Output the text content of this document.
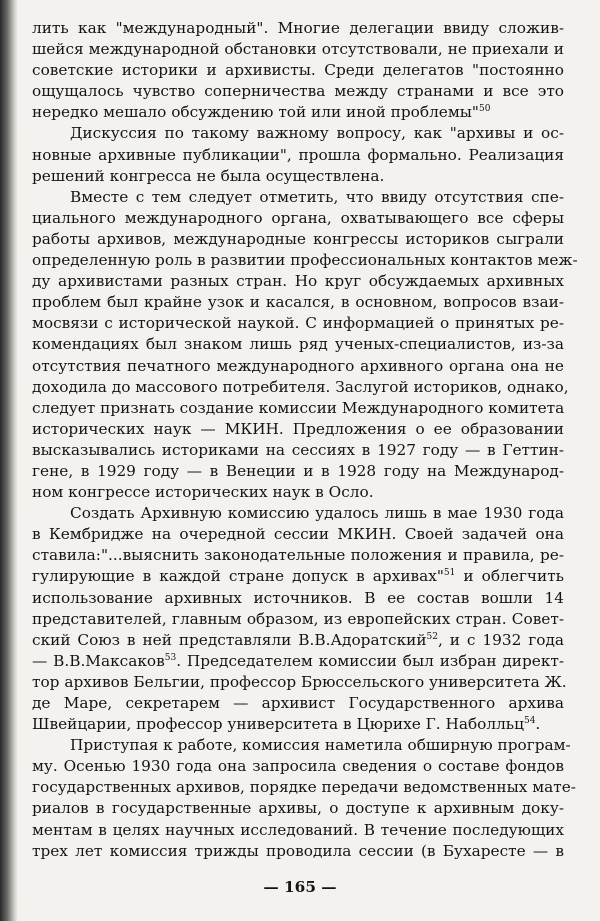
лить как "международный". Многие делегации ввиду сложив-
шейся международной обстановки отсутствовали, не приехали и
советские историки и архивисты. Среди делегатов "постоянно
ощущалось чувство соперничества между странами и все это
нередко мешало обсуждению той или иной проблемы"$^{50}$
Дискуссия по такому важному вопросу, как "архивы и ос-
новные архивные публикации", прошла формально. Реализация
решений конгресса не была осуществлена.
Вместе с тем следует отметить, что ввиду отсутствия спе-
циального международного органа, охватывающего все сферы
работы архивов, международные конгрессы историков сыграли
определенную роль в развитии профессиональных контактов меж-
ду архивистами разных стран. Но круг обсуждаемых архивных
проблем был крайне узок и касался, в основном, вопросов взаи-
мосвязи с исторической наукой. С информацией о принятых ре-
комендациях был знаком лишь ряд ученых-специалистов, из-за
отсутствия печатного международного архивного органа она не
доходила до массового потребителя. Заслугой историков, однако,
следует признать создание комиссии Международного комитета
исторических наук — МКИН. Предложения о ее образовании
высказывались историками на сессиях в 1927 году — в Геттин-
гене, в 1929 году — в Венеции и в 1928 году на Международ-
ном конгрессе исторических наук в Осло.
Создать Архивную комиссию удалось лишь в мае 1930 года
в Кембридже на очередной сессии МКИН. Своей задачей она
ставила:"...выяснить законодательные положения и правила, ре-
гулирующие в каждой стране допуск в архивах"$^{51}$ и облегчить
использование архивных источников. В ее состав вошли 14
представителей, главным образом, из европейских стран. Совет-
ский Союз в ней представляли В.В.Адоратский$^{52}$, и с 1932 года
— В.В.Максаков$^{53}$. Председателем комиссии был избран директ-
тор архивов Бельгии, профессор Брюссельского университета Ж.
де Маре, секретарем — архивист Государственного архива
Швейцарии, профессор университета в Цюрихе Г. Наболльц$^{54}$.
Приступая к работе, комиссия наметила обширную програм-
му. Осенью 1930 года она запросила сведения о составе фондов
государственных архивов, порядке передачи ведомственных мате-
риалов в государственные архивы, о доступе к архивным доку-
ментам в целях научных исследований. В течение последующих
трех лет комиссия трижды проводила сессии (в Бухаресте — в
— 165 —
